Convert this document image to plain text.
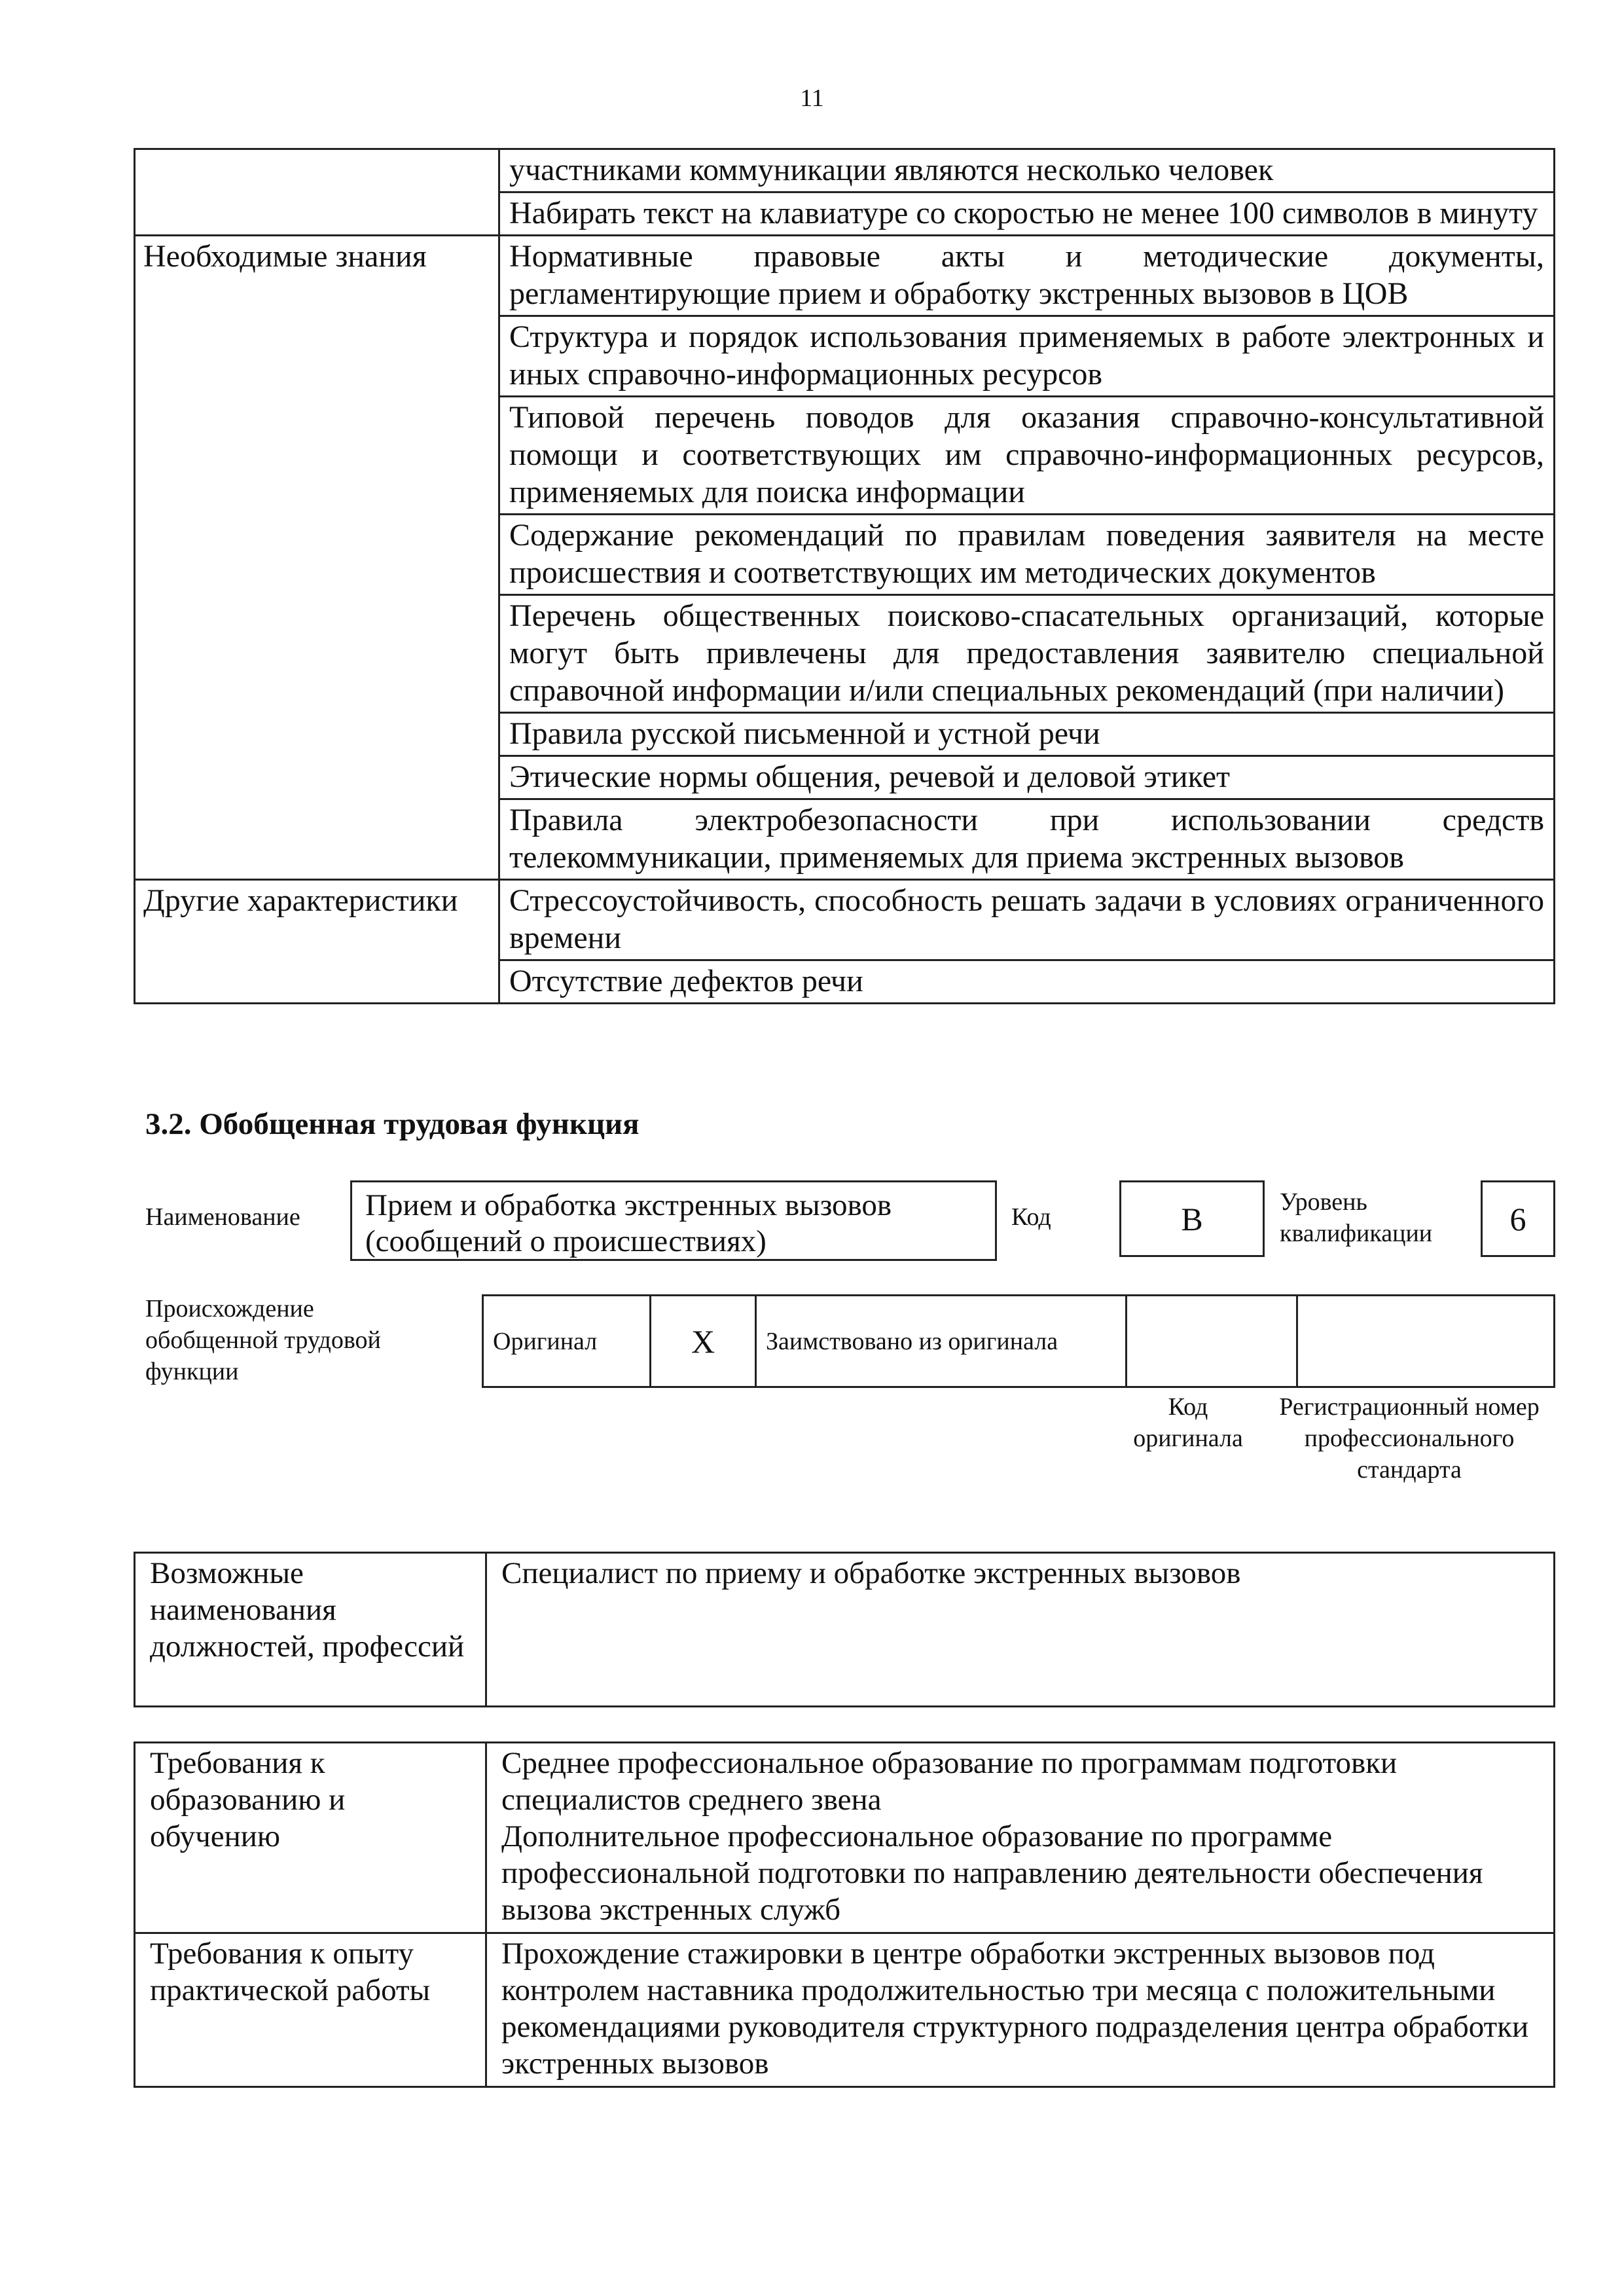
11
	участниками коммуникации являются несколько человек
	Набирать текст на клавиатуре со скоростью не менее 100 символов в минуту
Необходимые знания	Нормативные правовые акты и методические документы, регламентирующие прием и обработку экстренных вызовов в ЦОВ
	Структура и порядок использования применяемых в работе электронных и иных справочно-информационных ресурсов
	Типовой перечень поводов для оказания справочно-консультативной помощи и соответствующих им справочно-информационных ресурсов, применяемых для поиска информации
	Содержание рекомендаций по правилам поведения заявителя на месте происшествия и соответствующих им методических документов
	Перечень общественных поисково-спасательных организаций, которые могут быть привлечены для предоставления заявителю специальной справочной информации и/или специальных рекомендаций (при наличии)
	Правила русской письменной и устной речи
	Этические нормы общения, речевой и деловой этикет
	Правила электробезопасности при использовании средств телекоммуникации, применяемых для приема экстренных вызовов
Другие характеристики	Стрессоустойчивость, способность решать задачи в условиях ограниченного времени
	Отсутствие дефектов речи
3.2. Обобщенная трудовая функция
Наименование	Прием и обработка экстренных вызовов (сообщений о происшествиях)
Код	B	Уровень квалификации	6
Происхождение обобщенной трудовой функции
Оригинал	X	Заимствовано из оригинала		
Код оригинала
Регистрационный номер профессионального стандарта
Возможные наименования должностей, профессий	Специалист по приему и обработке экстренных вызовов
Требования к образованию и обучению	Среднее профессиональное образование по программам подготовки специалистов среднего звена
Дополнительное профессиональное образование по программе профессиональной подготовки по направлению деятельности обеспечения вызова экстренных служб

Требования к опыту практической работы	Прохождение стажировки в центре обработки экстренных вызовов под контролем наставника продолжительностью три месяца с положительными рекомендациями руководителя структурного подразделения центра обработки экстренных вызовов
